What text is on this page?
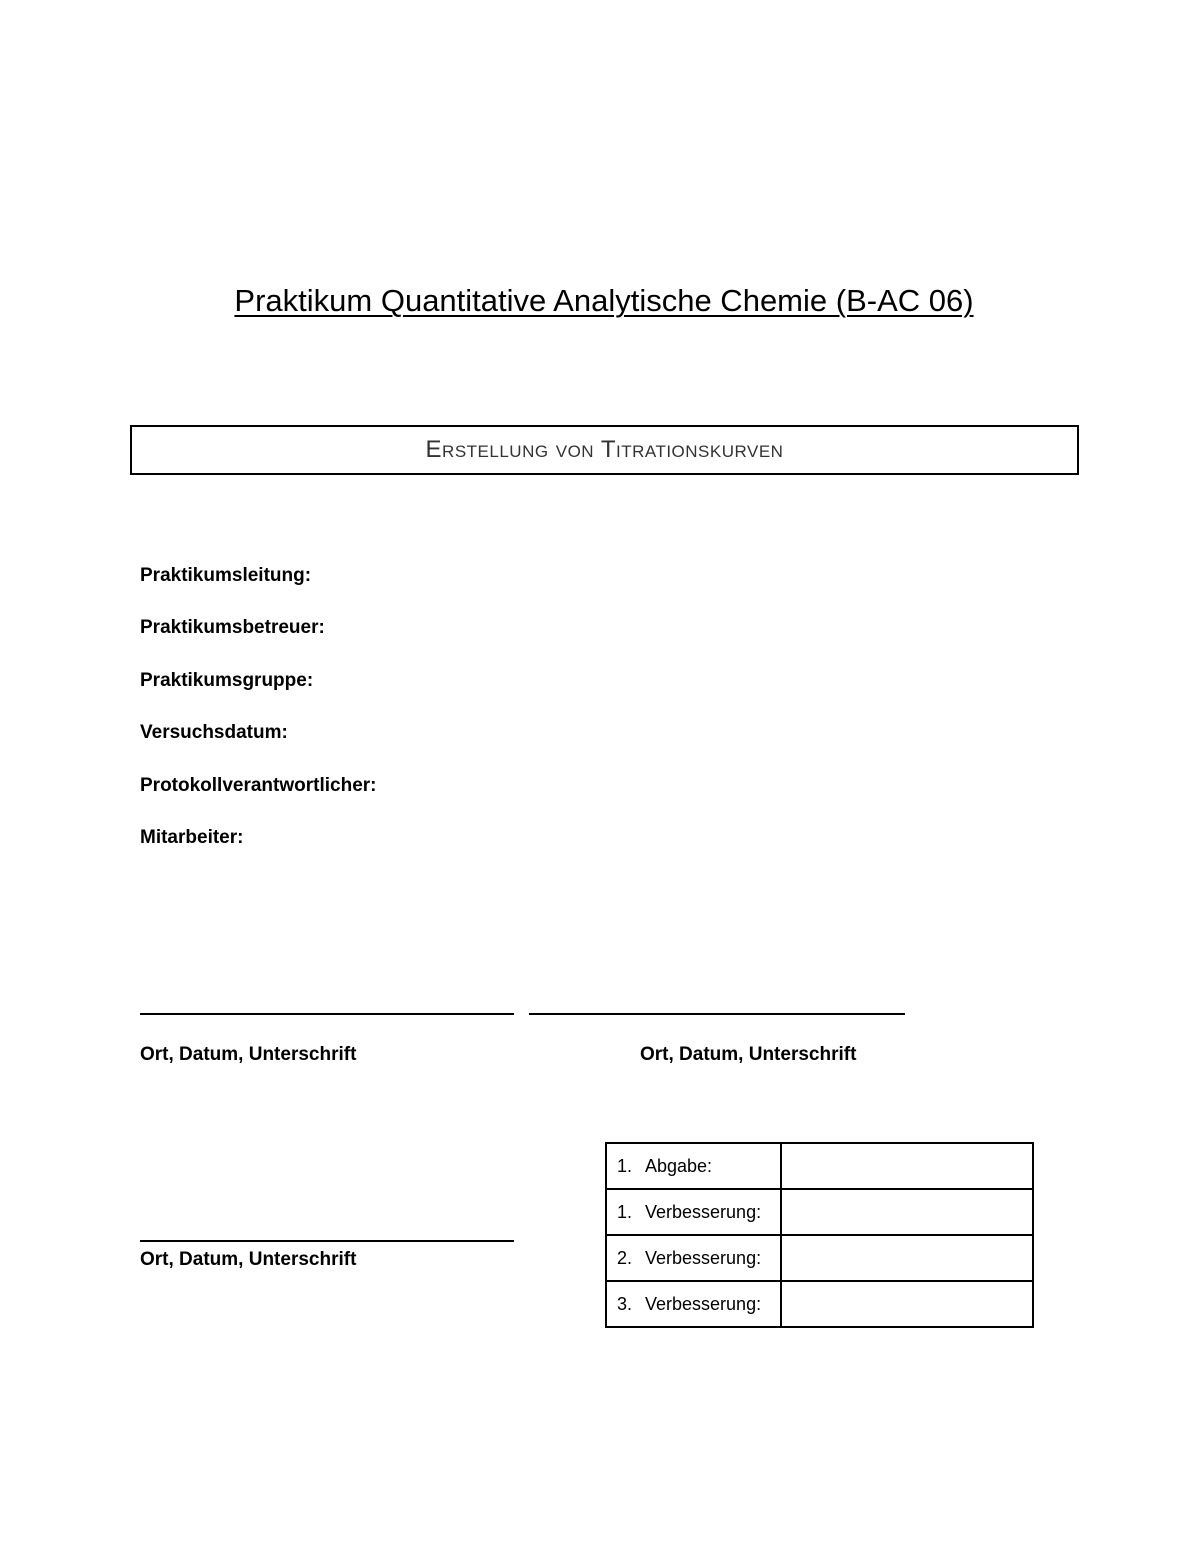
Praktikum Quantitative Analytische Chemie (B-AC 06)
Erstellung von Titrationskurven
Praktikumsleitung:
Praktikumsbetreuer:
Praktikumsgruppe:
Versuchsdatum:
Protokollverantwortlicher:
Mitarbeiter:
Ort, Datum, Unterschrift	Ort, Datum, Unterschrift
Ort, Datum, Unterschrift
1. Abgabe:	
1. Verbesserung:	
2. Verbesserung:	
3. Verbesserung:	
